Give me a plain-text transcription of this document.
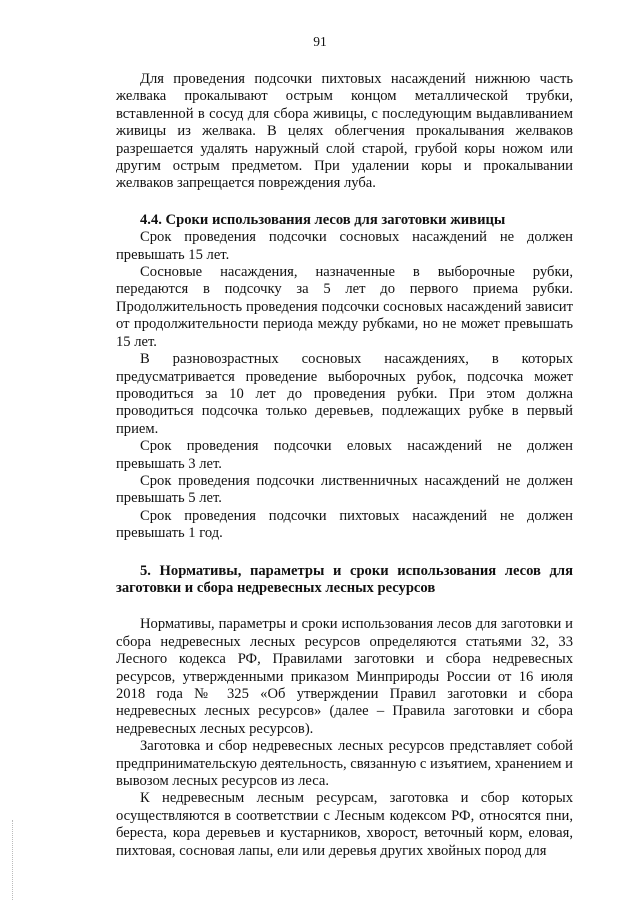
91

Для проведения подсочки пихтовых насаждений нижнюю часть желвака прокалывают острым концом металлической трубки, вставленной в сосуд для сбора живицы, с последующим выдавливанием живицы из желвака. В целях облегчения прокалывания желваков разрешается удалять наружный слой старой, грубой коры ножом или другим острым предметом. При удалении коры и прокалывании желваков запрещается повреждения луба.

4.4. Сроки использования лесов для заготовки живицы

Срок проведения подсочки сосновых насаждений не должен превышать 15 лет.

Сосновые насаждения, назначенные в выборочные рубки, передаются в подсочку за 5 лет до первого приема рубки. Продолжительность проведения подсочки сосновых насаждений зависит от продолжительности периода между рубками, но не может превышать 15 лет.

В разновозрастных сосновых насаждениях, в которых предусматривается проведение выборочных рубок, подсочка может проводиться за 10 лет до проведения рубки. При этом должна проводиться подсочка только деревьев, подлежащих рубке в первый прием.

Срок проведения подсочки еловых насаждений не должен превышать 3 лет.

Срок проведения подсочки лиственничных насаждений не должен превышать 5 лет.

Срок проведения подсочки пихтовых насаждений не должен превышать 1 год.

5. Нормативы, параметры и сроки использования лесов для заготовки и сбора недревесных лесных ресурсов

Нормативы, параметры и сроки использования лесов для заготовки и сбора недревесных лесных ресурсов определяются статьями 32, 33 Лесного кодекса РФ, Правилами заготовки и сбора недревесных ресурсов, утвержденными приказом Минприроды России от 16 июля 2018 года № 325 «Об утверждении Правил заготовки и сбора недревесных лесных ресурсов» (далее – Правила заготовки и сбора недревесных лесных ресурсов).

Заготовка и сбор недревесных лесных ресурсов представляет собой предпринимательскую деятельность, связанную с изъятием, хранением и вывозом лесных ресурсов из леса.

К недревесным лесным ресурсам, заготовка и сбор которых осуществляются в соответствии с Лесным кодексом РФ, относятся пни, береста, кора деревьев и кустарников, хворост, веточный корм, еловая, пихтовая, сосновая лапы, ели или деревья других хвойных пород для
